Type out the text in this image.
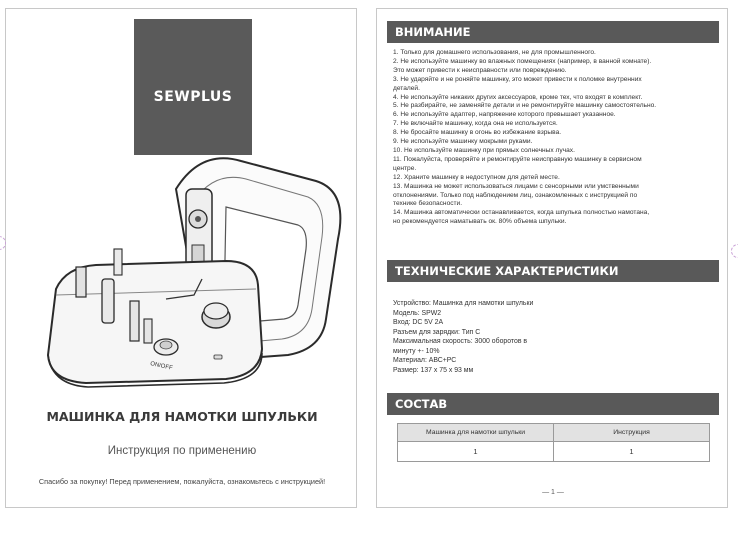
SEWPLUS
ON/OFF
МАШИНКА ДЛЯ НАМОТКИ ШПУЛЬКИ
Инструкция по применению
Спасибо за покупку! Перед применением, пожалуйста, ознакомьтесь с инструкцией!
ВНИМАНИЕ
1. Только для домашнего использования, не для промышленного.
2. Не используйте машинку во влажных помещениях (например, в ванной комнате).
Это может привести к неисправности или повреждению.
3. Не ударяйте и не роняйте машинку, это может привести к поломке внутренних
деталей.
4. Не используйте никаких других аксессуаров, кроме тех, что входят в комплект.
5. Не разбирайте, не заменяйте детали и не ремонтируйте машинку самостоятельно.
6. Не используйте адаптер, напряжение которого превышает указанное.
7. Не включайте машинку, когда она не используется.
8. Не бросайте машинку в огонь во избежание взрыва.
9. Не используйте машинку мокрыми руками.
10. Не используйте машинку при прямых солнечных лучах.
11. Пожалуйста, проверяйте и ремонтируйте неисправную машинку в сервисном
центре.
12. Храните машинку в недоступном для детей месте.
13. Машинка не может использоваться лицами с сенсорными или умственными
отклонениями. Только под наблюдением лиц, ознакомленных с инструкцией по
технике безопасности.
14. Машинка автоматически останавливается, когда шпулька полностью намотана,
но рекомендуется наматывать ок. 80% объема шпульки.
ТЕХНИЧЕСКИЕ ХАРАКТЕРИСТИКИ
Устройство: Машинка для намотки шпульки
Модель: SPW2
Вход: DC 5V 2A
Разъем для зарядки: Тип С
Максимальная скорость: 3000 оборотов в
минуту +- 10%
Материал: АВС+РС
Размер: 137 х 75 х 93 мм
СОСТАВ
Машинка для намотки шпульки	Инструкция
1	1
— 1 —
